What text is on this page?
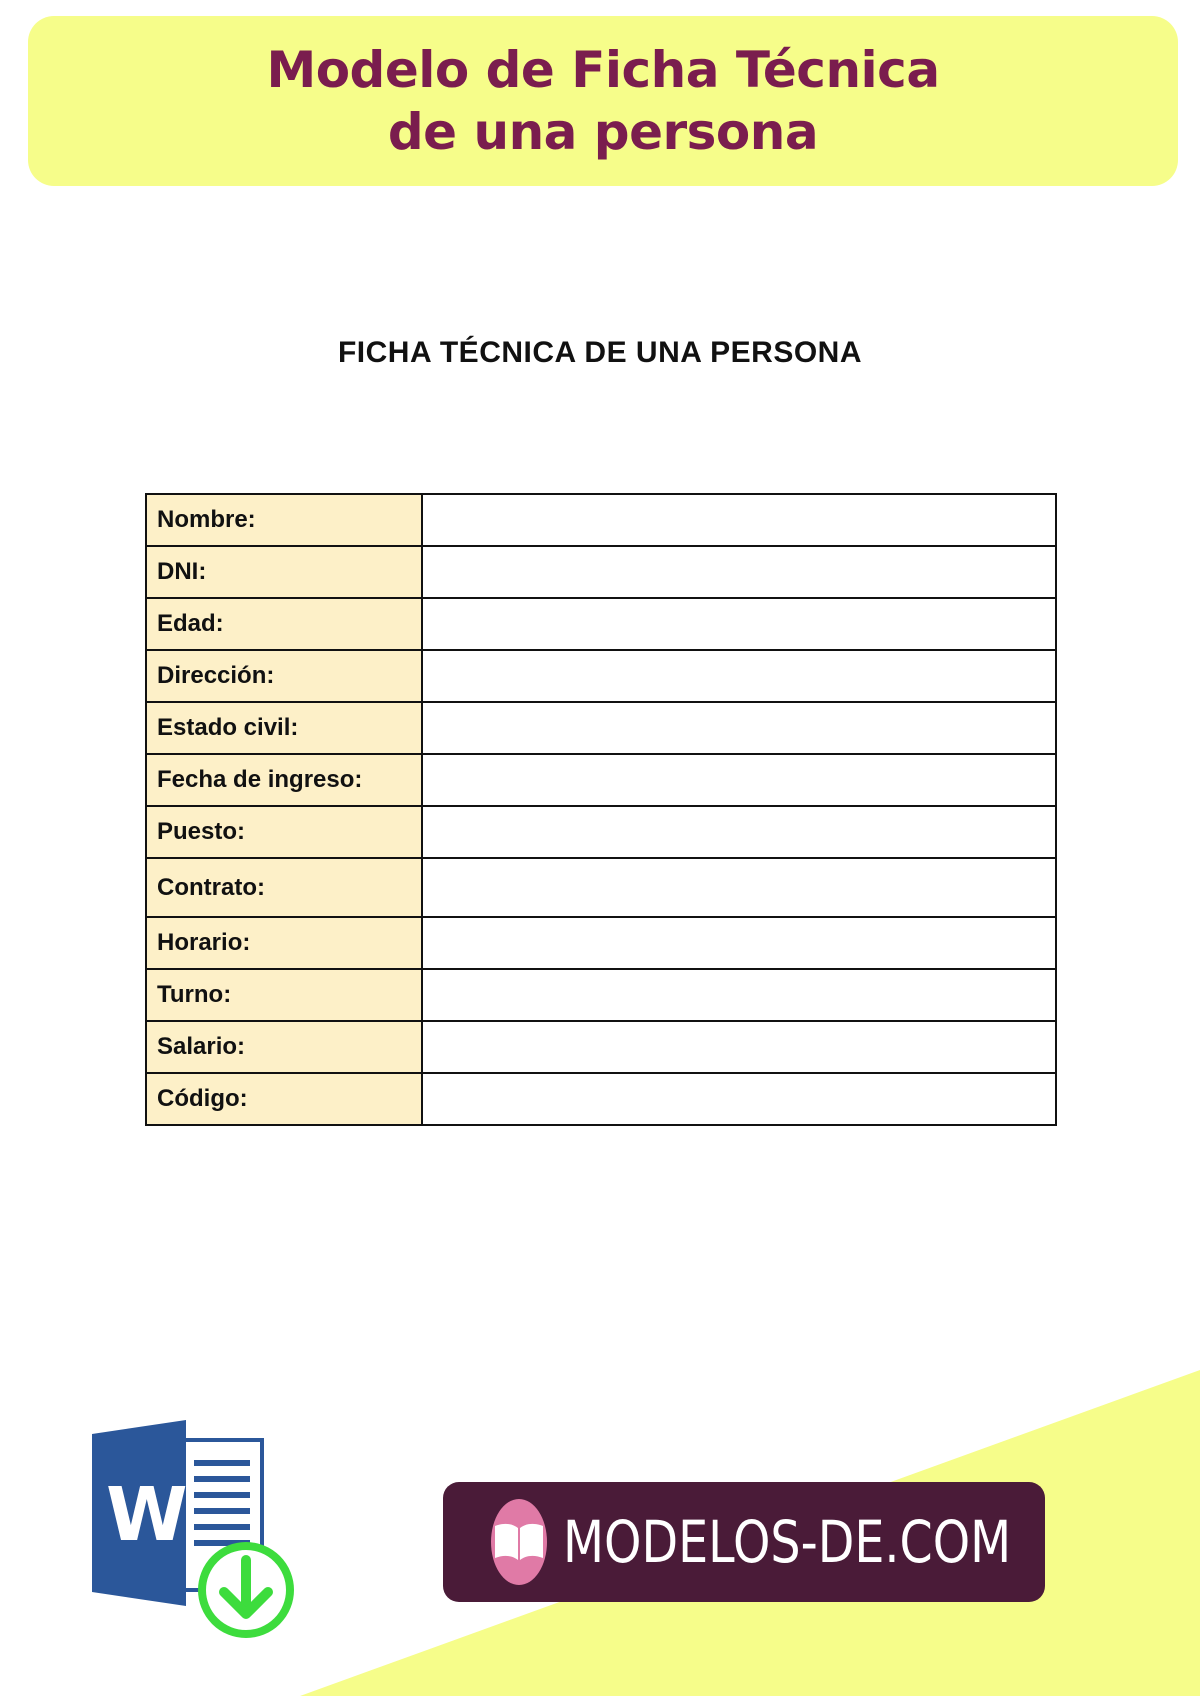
Modelo de Ficha Técnica
de una persona
FICHA TÉCNICA DE UNA PERSONA
Nombre:	
DNI:	
Edad:	
Dirección:	
Estado civil:	
Fecha de ingreso:	
Puesto:	
Contrato:	
Horario:	
Turno:	
Salario:	
Código:	
W	MODELOS-DE.COM
